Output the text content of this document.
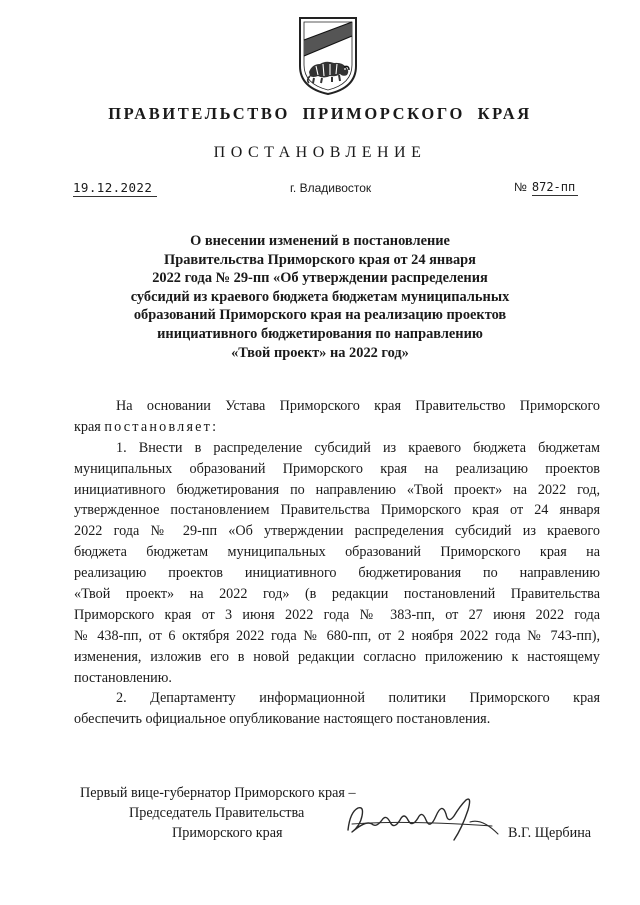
ПРАВИТЕЛЬСТВО ПРИМОРСКОГО КРАЯ
ПОСТАНОВЛЕНИЕ
19.12.2022	г. Владивосток	№ 872-пп
О внесении изменений в постановление
Правительства Приморского края от 24 января
2022 года № 29-пп «Об утверждении распределения
субсидий из краевого бюджета бюджетам муниципальных
образований Приморского края на реализацию проектов
инициативного бюджетирования по направлению
«Твой проект» на 2022 год»
На основании Устава Приморского края Правительство Приморского
края постановляет:
1. Внести в распределение субсидий из краевого бюджета бюджетам
муниципальных образований Приморского края на реализацию проектов
инициативного бюджетирования по направлению «Твой проект» на 2022 год,
утвержденное постановлением Правительства Приморского края от 24 января
2022 года № 29-пп «Об утверждении распределения субсидий из краевого
бюджета бюджетам муниципальных образований Приморского края на
реализацию проектов инициативного бюджетирования по направлению
«Твой проект» на 2022 год» (в редакции постановлений Правительства
Приморского края от 3 июня 2022 года № 383-пп, от 27 июня 2022 года
№ 438-пп, от 6 октября 2022 года № 680-пп, от 2 ноября 2022 года № 743-пп),
изменения, изложив его в новой редакции согласно приложению к настоящему
постановлению.
2. Департаменту информационной политики Приморского края
обеспечить официальное опубликование настоящего постановления.
Первый вице-губернатор Приморского края –
Председатель Правительства
Приморского края	В.Г. Щербина
